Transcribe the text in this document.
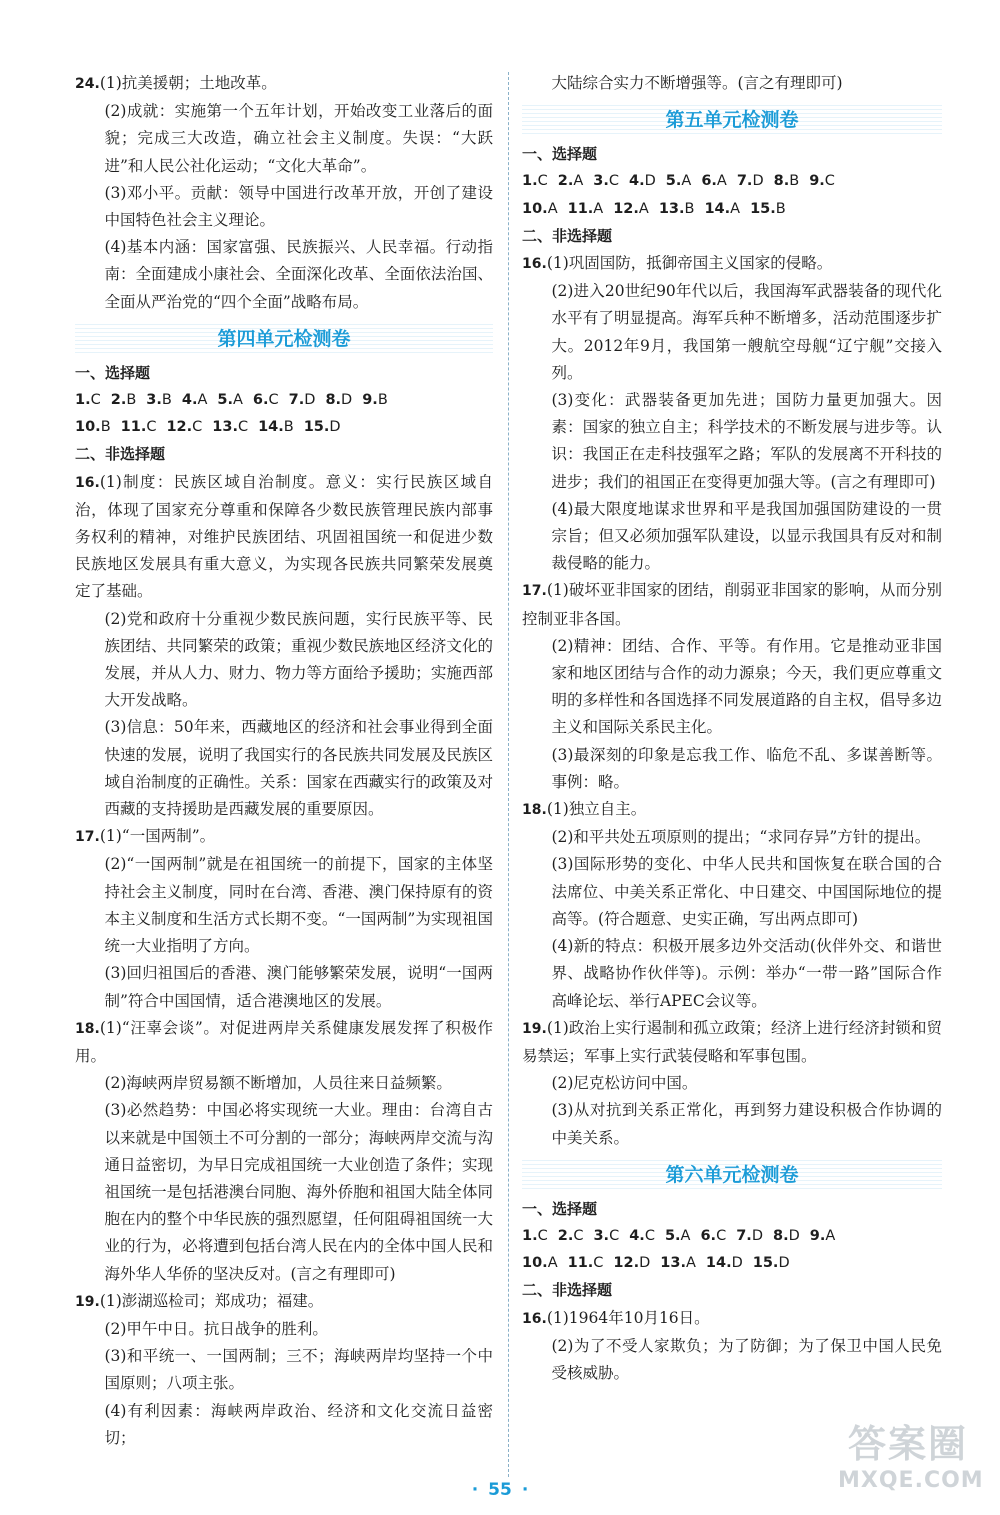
24.(1)抗美援朝；土地改革。

(2)成就：实施第一个五年计划，开始改变工业落后的面貌；完成三大改造，确立社会主义制度。失误：“大跃进”和人民公社化运动；“文化大革命”。

(3)邓小平。贡献：领导中国进行改革开放，开创了建设中国特色社会主义理论。

(4)基本内涵：国家富强、民族振兴、人民幸福。行动指南：全面建成小康社会、全面深化改革、全面依法治国、全面从严治党的“四个全面”战略布局。

第四单元检测卷

一、选择题

1.C 2.B 3.B 4.A 5.A 6.C 7.D 8.D 9.B

10.B 11.C 12.C 13.C 14.B 15.D

二、非选择题

16.(1)制度：民族区域自治制度。意义：实行民族区域自治，体现了国家充分尊重和保障各少数民族管理民族内部事务权利的精神，对维护民族团结、巩固祖国统一和促进少数民族地区发展具有重大意义，为实现各民族共同繁荣发展奠定了基础。

(2)党和政府十分重视少数民族问题，实行民族平等、民族团结、共同繁荣的政策；重视少数民族地区经济文化的发展，并从人力、财力、物力等方面给予援助；实施西部大开发战略。

(3)信息：50年来，西藏地区的经济和社会事业得到全面快速的发展，说明了我国实行的各民族共同发展及民族区域自治制度的正确性。关系：国家在西藏实行的政策及对西藏的支持援助是西藏发展的重要原因。

17.(1)“一国两制”。

(2)“一国两制”就是在祖国统一的前提下，国家的主体坚持社会主义制度，同时在台湾、香港、澳门保持原有的资本主义制度和生活方式长期不变。“一国两制”为实现祖国统一大业指明了方向。

(3)回归祖国后的香港、澳门能够繁荣发展，说明“一国两制”符合中国国情，适合港澳地区的发展。

18.(1)“汪辜会谈”。对促进两岸关系健康发展发挥了积极作用。

(2)海峡两岸贸易额不断增加，人员往来日益频繁。

(3)必然趋势：中国必将实现统一大业。理由：台湾自古以来就是中国领土不可分割的一部分；海峡两岸交流与沟通日益密切，为早日完成祖国统一大业创造了条件；实现祖国统一是包括港澳台同胞、海外侨胞和祖国大陆全体同胞在内的整个中华民族的强烈愿望，任何阻碍祖国统一大业的行为，必将遭到包括台湾人民在内的全体中国人民和海外华人华侨的坚决反对。(言之有理即可)

19.(1)澎湖巡检司；郑成功；福建。

(2)甲午中日。抗日战争的胜利。

(3)和平统一、一国两制；三不；海峡两岸均坚持一个中国原则；八项主张。

(4)有利因素：海峡两岸政治、经济和文化交流日益密切；

大陆综合实力不断增强等。(言之有理即可)

第五单元检测卷

一、选择题

1.C 2.A 3.C 4.D 5.A 6.A 7.D 8.B 9.C

10.A 11.A 12.A 13.B 14.A 15.B

二、非选择题

16.(1)巩固国防，抵御帝国主义国家的侵略。

(2)进入20世纪90年代以后，我国海军武器装备的现代化水平有了明显提高。海军兵种不断增多，活动范围逐步扩大。2012年9月，我国第一艘航空母舰“辽宁舰”交接入列。

(3)变化：武器装备更加先进；国防力量更加强大。因素：国家的独立自主；科学技术的不断发展与进步等。认识：我国正在走科技强军之路；军队的发展离不开科技的进步；我们的祖国正在变得更加强大等。(言之有理即可)

(4)最大限度地谋求世界和平是我国加强国防建设的一贯宗旨；但又必须加强军队建设，以显示我国具有反对和制裁侵略的能力。

17.(1)破坏亚非国家的团结，削弱亚非国家的影响，从而分别控制亚非各国。

(2)精神：团结、合作、平等。有作用。它是推动亚非国家和地区团结与合作的动力源泉；今天，我们更应尊重文明的多样性和各国选择不同发展道路的自主权，倡导多边主义和国际关系民主化。

(3)最深刻的印象是忘我工作、临危不乱、多谋善断等。事例：略。

18.(1)独立自主。

(2)和平共处五项原则的提出；“求同存异”方针的提出。

(3)国际形势的变化、中华人民共和国恢复在联合国的合法席位、中美关系正常化、中日建交、中国国际地位的提高等。(符合题意、史实正确，写出两点即可)

(4)新的特点：积极开展多边外交活动(伙伴外交、和谐世界、战略协作伙伴等)。示例：举办“一带一路”国际合作高峰论坛、举行APEC会议等。

19.(1)政治上实行遏制和孤立政策；经济上进行经济封锁和贸易禁运；军事上实行武装侵略和军事包围。

(2)尼克松访问中国。

(3)从对抗到关系正常化，再到努力建设积极合作协调的中美关系。

第六单元检测卷

一、选择题

1.C 2.C 3.C 4.C 5.A 6.C 7.D 8.D 9.A

10.A 11.C 12.D 13.A 14.D 15.D

二、非选择题

16.(1)1964年10月16日。

(2)为了不受人家欺负；为了防御；为了保卫中国人民免受核威胁。

· 55 ·
答案圈
MXQE.COM
